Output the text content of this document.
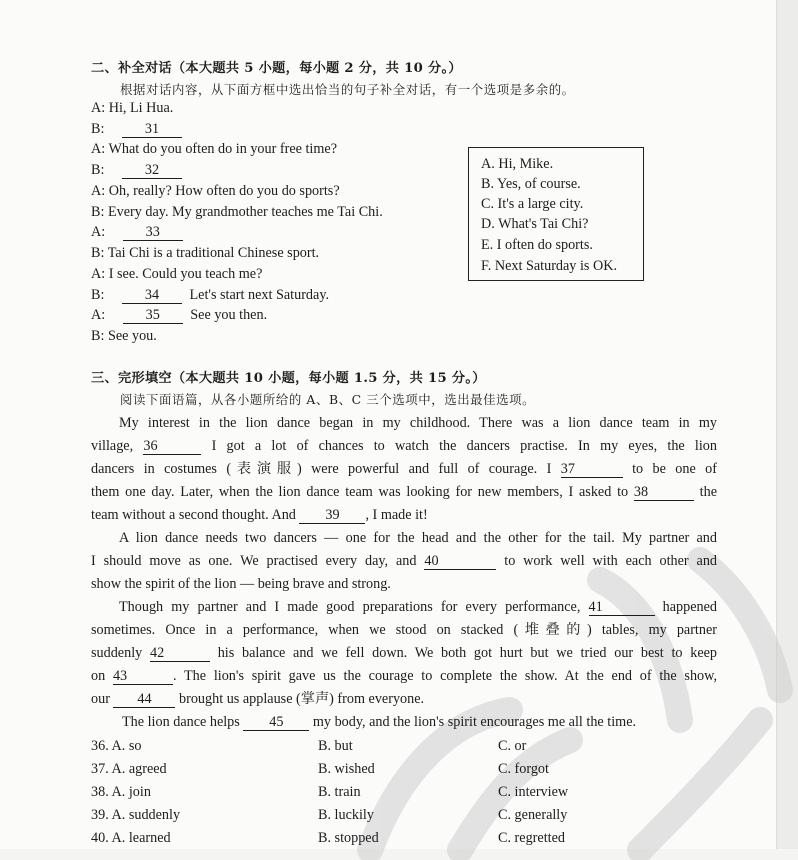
二、补全对话（本大题共 5 小题，每小题 2 分，共 10 分。）
根据对话内容，从下面方框中选出恰当的句子补全对话，有一个选项是多余的。
A: Hi, Li Hua.
B:	31
A: What do you often do in your free time?
B:	32
A: Oh, really? How often do you do sports?
B: Every day. My grandmother teaches me Tai Chi.
A:	33
B: Tai Chi is a traditional Chinese sport.
A: I see. Could you teach me?
B:	34 Let's start next Saturday.
A:	35 See you then.
B: See you.
A. Hi, Mike.
B. Yes, of course.
C. It's a large city.
D. What's Tai Chi?
E. I often do sports.
F. Next Saturday is OK.
三、完形填空（本大题共 10 小题，每小题 1.5 分，共 15 分。）
阅读下面语篇，从各小题所给的 A、B、C 三个选项中，选出最佳选项。
My interest in the lion dance began in my childhood. There was a lion dance team in my
village, 36	I got a lot of chances to watch the dancers practise. In my eyes, the lion
dancers in costumes (表演服) were powerful and full of courage. I 37	to be one of
them one day. Later, when the lion dance team was looking for new members, I asked to 38	the
team without a second thought. And 39 , I made it!
A lion dance needs two dancers — one for the head and the other for the tail. My partner and
I should move as one. We practised every day, and 40	to work well with each other and
show the spirit of the lion — being brave and strong.
Though my partner and I made good preparations for every performance, 41	happened
sometimes. Once in a performance, when we stood on stacked (堆叠的) tables, my partner
suddenly 42	his balance and we fell down. We both got hurt but we tried our best to keep
on 43	. The lion's spirit gave us the courage to complete the show. At the end of the show,
our 44 brought us applause (掌声) from everyone.
The lion dance helps 45 my body, and the lion's spirit encourages me all the time.
36. A. so	B. but	C. or
37. A. agreed	B. wished	C. forgot
38. A. join	B. train	C. interview
39. A. suddenly	B. luckily	C. generally
40. A. learned	B. stopped	C. regretted
